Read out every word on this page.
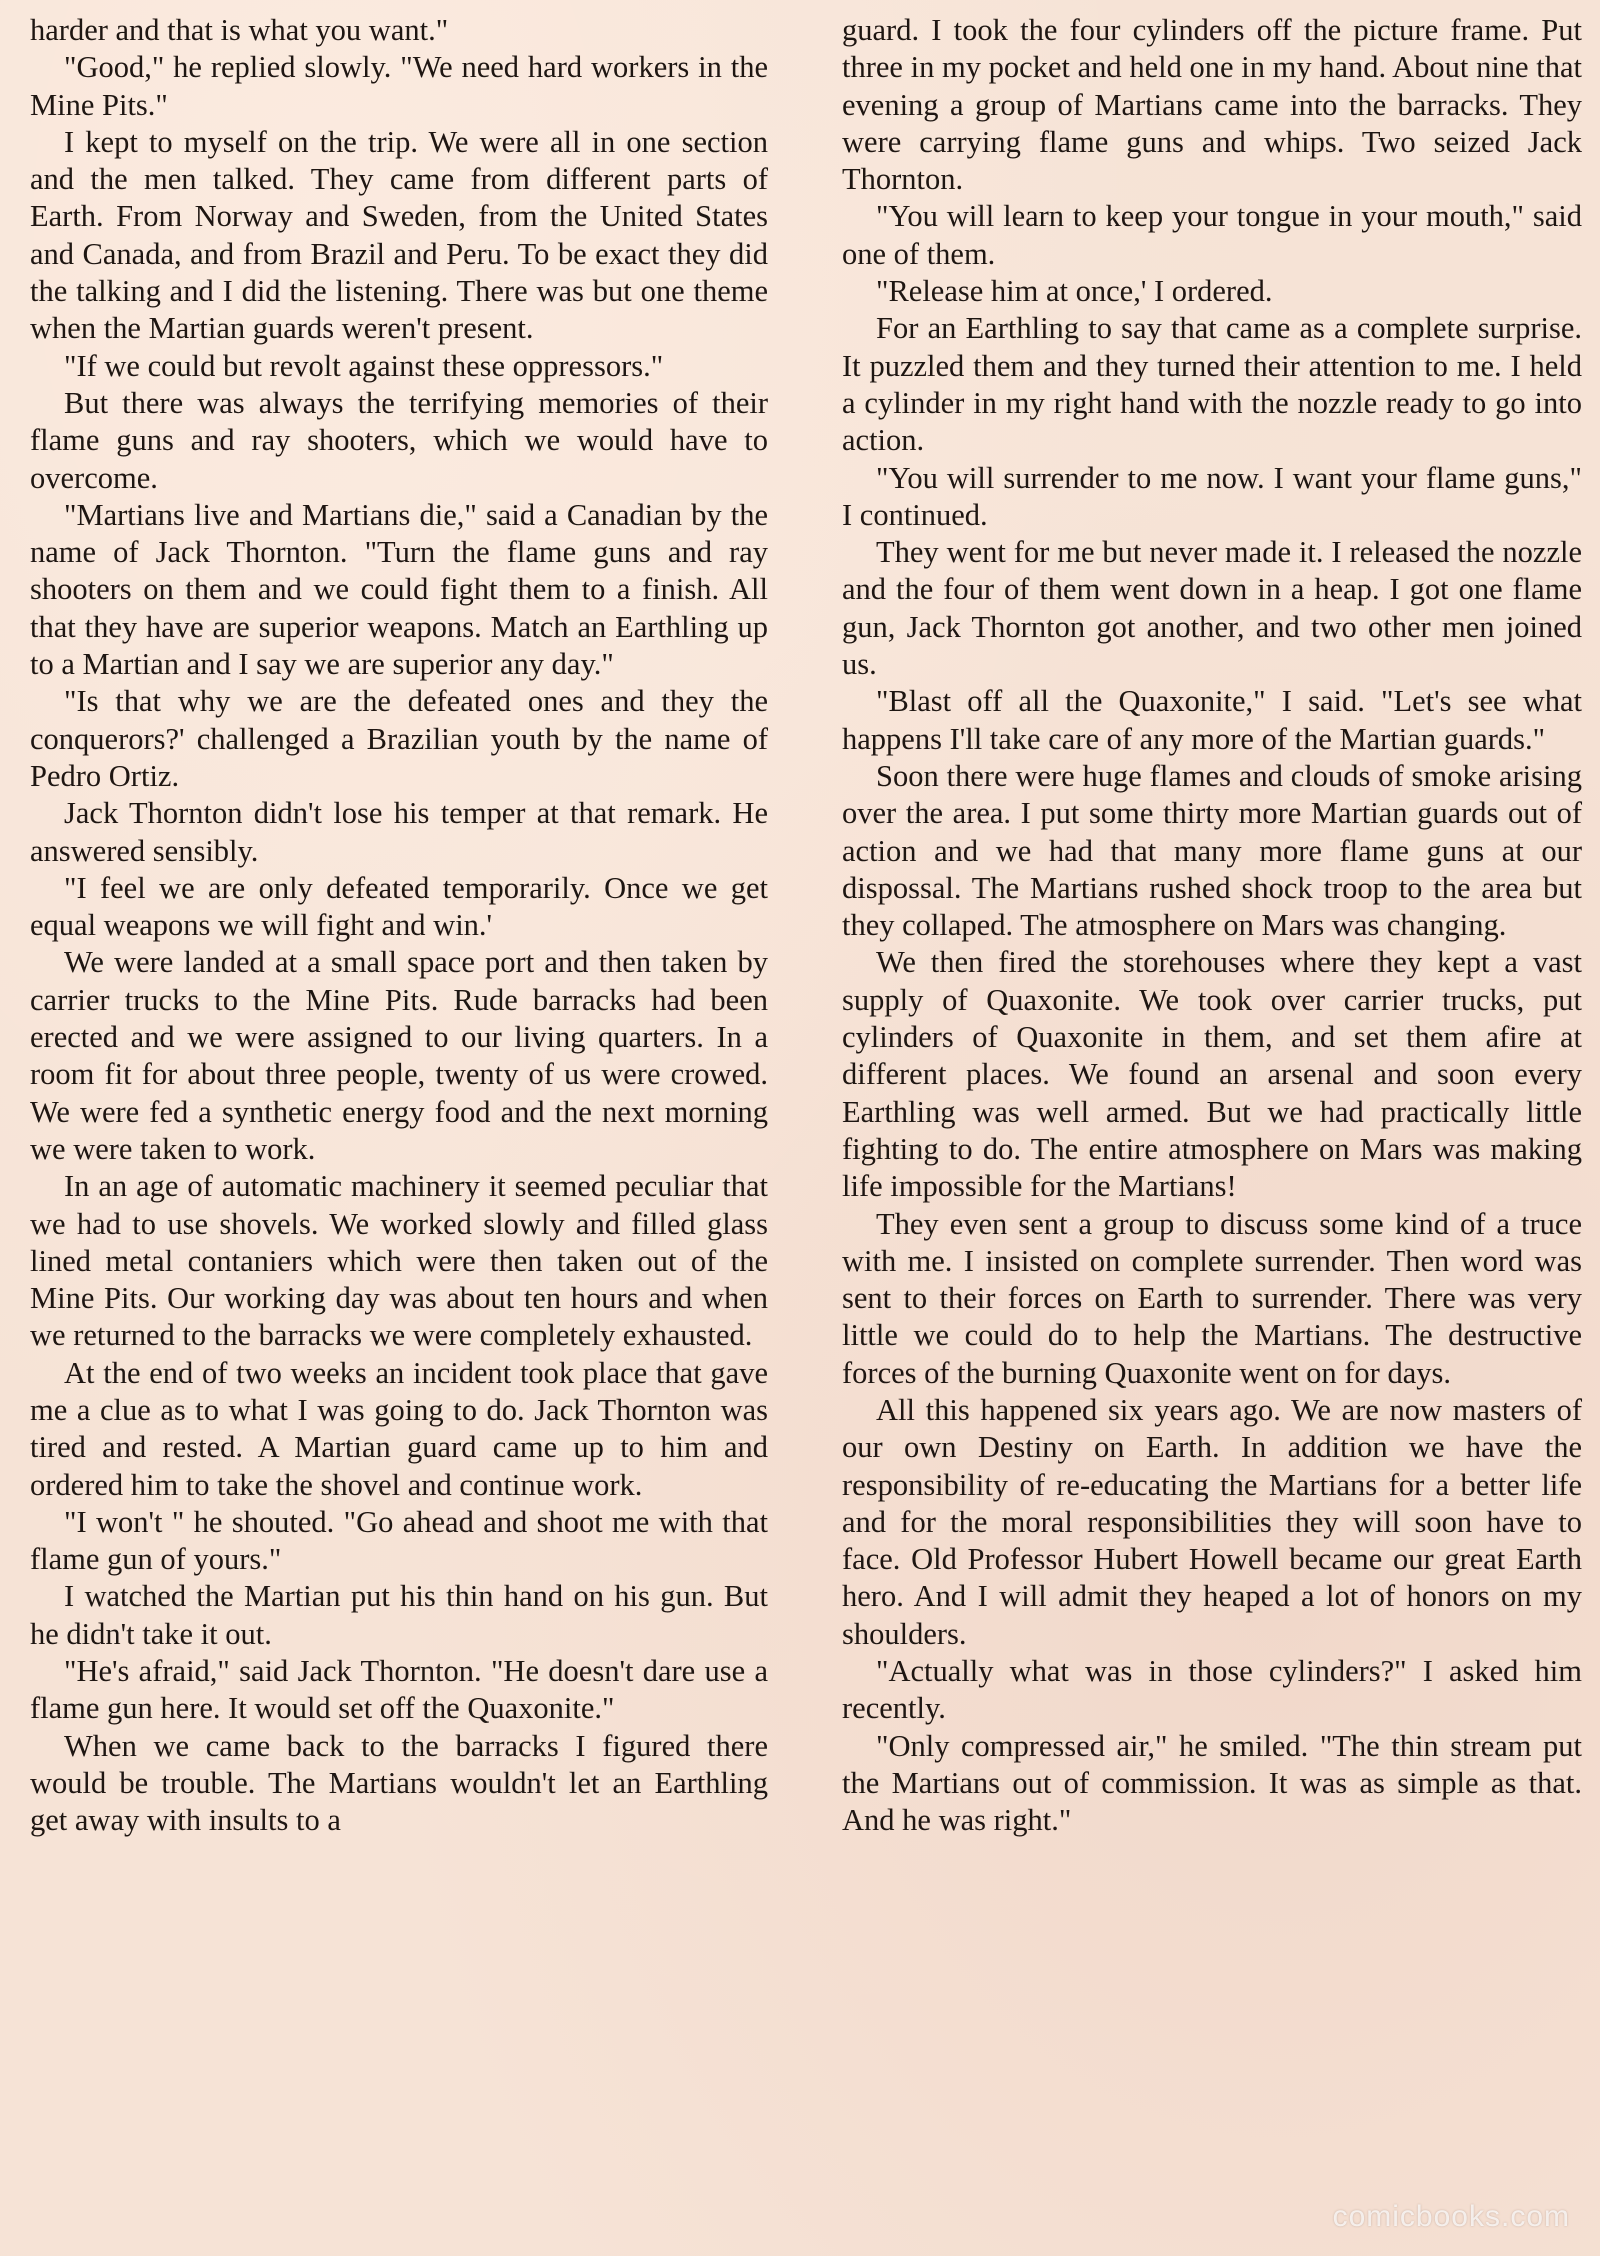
harder and that is what you want."

"Good," he replied slowly. "We need hard workers in the Mine Pits."

I kept to myself on the trip. We were all in one section and the men talked. They came from different parts of Earth. From Norway and Sweden, from the United States and Canada, and from Brazil and Peru. To be exact they did the talking and I did the listening. There was but one theme when the Martian guards weren't present.

"If we could but revolt against these oppressors."

But there was always the terrifying memories of their flame guns and ray shooters, which we would have to overcome.

"Martians live and Martians die," said a Canadian by the name of Jack Thornton. "Turn the flame guns and ray shooters on them and we could fight them to a finish. All that they have are superior weapons. Match an Earthling up to a Martian and I say we are superior any day."

"Is that why we are the defeated ones and they the conquerors?' challenged a Brazilian youth by the name of Pedro Ortiz.

Jack Thornton didn't lose his temper at that remark. He answered sensibly.

"I feel we are only defeated temporarily. Once we get equal weapons we will fight and win.'

We were landed at a small space port and then taken by carrier trucks to the Mine Pits. Rude barracks had been erected and we were assigned to our living quarters. In a room fit for about three people, twenty of us were crowed. We were fed a synthetic energy food and the next morning we were taken to work.

In an age of automatic machinery it seemed peculiar that we had to use shovels. We worked slowly and filled glass lined metal contaniers which were then taken out of the Mine Pits. Our working day was about ten hours and when we returned to the barracks we were completely exhausted.

At the end of two weeks an incident took place that gave me a clue as to what I was going to do. Jack Thornton was tired and rested. A Martian guard came up to him and ordered him to take the shovel and continue work.

"I won't " he shouted. "Go ahead and shoot me with that flame gun of yours."

I watched the Martian put his thin hand on his gun. But he didn't take it out.

"He's afraid," said Jack Thornton. "He doesn't dare use a flame gun here. It would set off the Quaxonite."

When we came back to the barracks I figured there would be trouble. The Martians wouldn't let an Earthling get away with insults to a

guard. I took the four cylinders off the picture frame. Put three in my pocket and held one in my hand. About nine that evening a group of Martians came into the barracks. They were carrying flame guns and whips. Two seized Jack Thornton.

"You will learn to keep your tongue in your mouth," said one of them.

"Release him at once,' I ordered.

For an Earthling to say that came as a complete surprise. It puzzled them and they turned their attention to me. I held a cylinder in my right hand with the nozzle ready to go into action.

"You will surrender to me now. I want your flame guns," I continued.

They went for me but never made it. I released the nozzle and the four of them went down in a heap. I got one flame gun, Jack Thornton got another, and two other men joined us.

"Blast off all the Quaxonite," I said. "Let's see what happens I'll take care of any more of the Martian guards."

Soon there were huge flames and clouds of smoke arising over the area. I put some thirty more Martian guards out of action and we had that many more flame guns at our dispossal. The Martians rushed shock troop to the area but they collaped. The atmosphere on Mars was changing.

We then fired the storehouses where they kept a vast supply of Quaxonite. We took over carrier trucks, put cylinders of Quaxonite in them, and set them afire at different places. We found an arsenal and soon every Earthling was well armed. But we had practically little fighting to do. The entire atmosphere on Mars was making life impossible for the Martians!

They even sent a group to discuss some kind of a truce with me. I insisted on complete surrender. Then word was sent to their forces on Earth to surrender. There was very little we could do to help the Martians. The destructive forces of the burning Quaxonite went on for days.

All this happened six years ago. We are now masters of our own Destiny on Earth. In addition we have the responsibility of re-educating the Martians for a better life and for the moral responsibilities they will soon have to face. Old Professor Hubert Howell became our great Earth hero. And I will admit they heaped a lot of honors on my shoulders.

"Actually what was in those cylinders?" I asked him recently.

"Only compressed air," he smiled. "The thin stream put the Martians out of commission. It was as simple as that. And he was right."

comicbooks.com
